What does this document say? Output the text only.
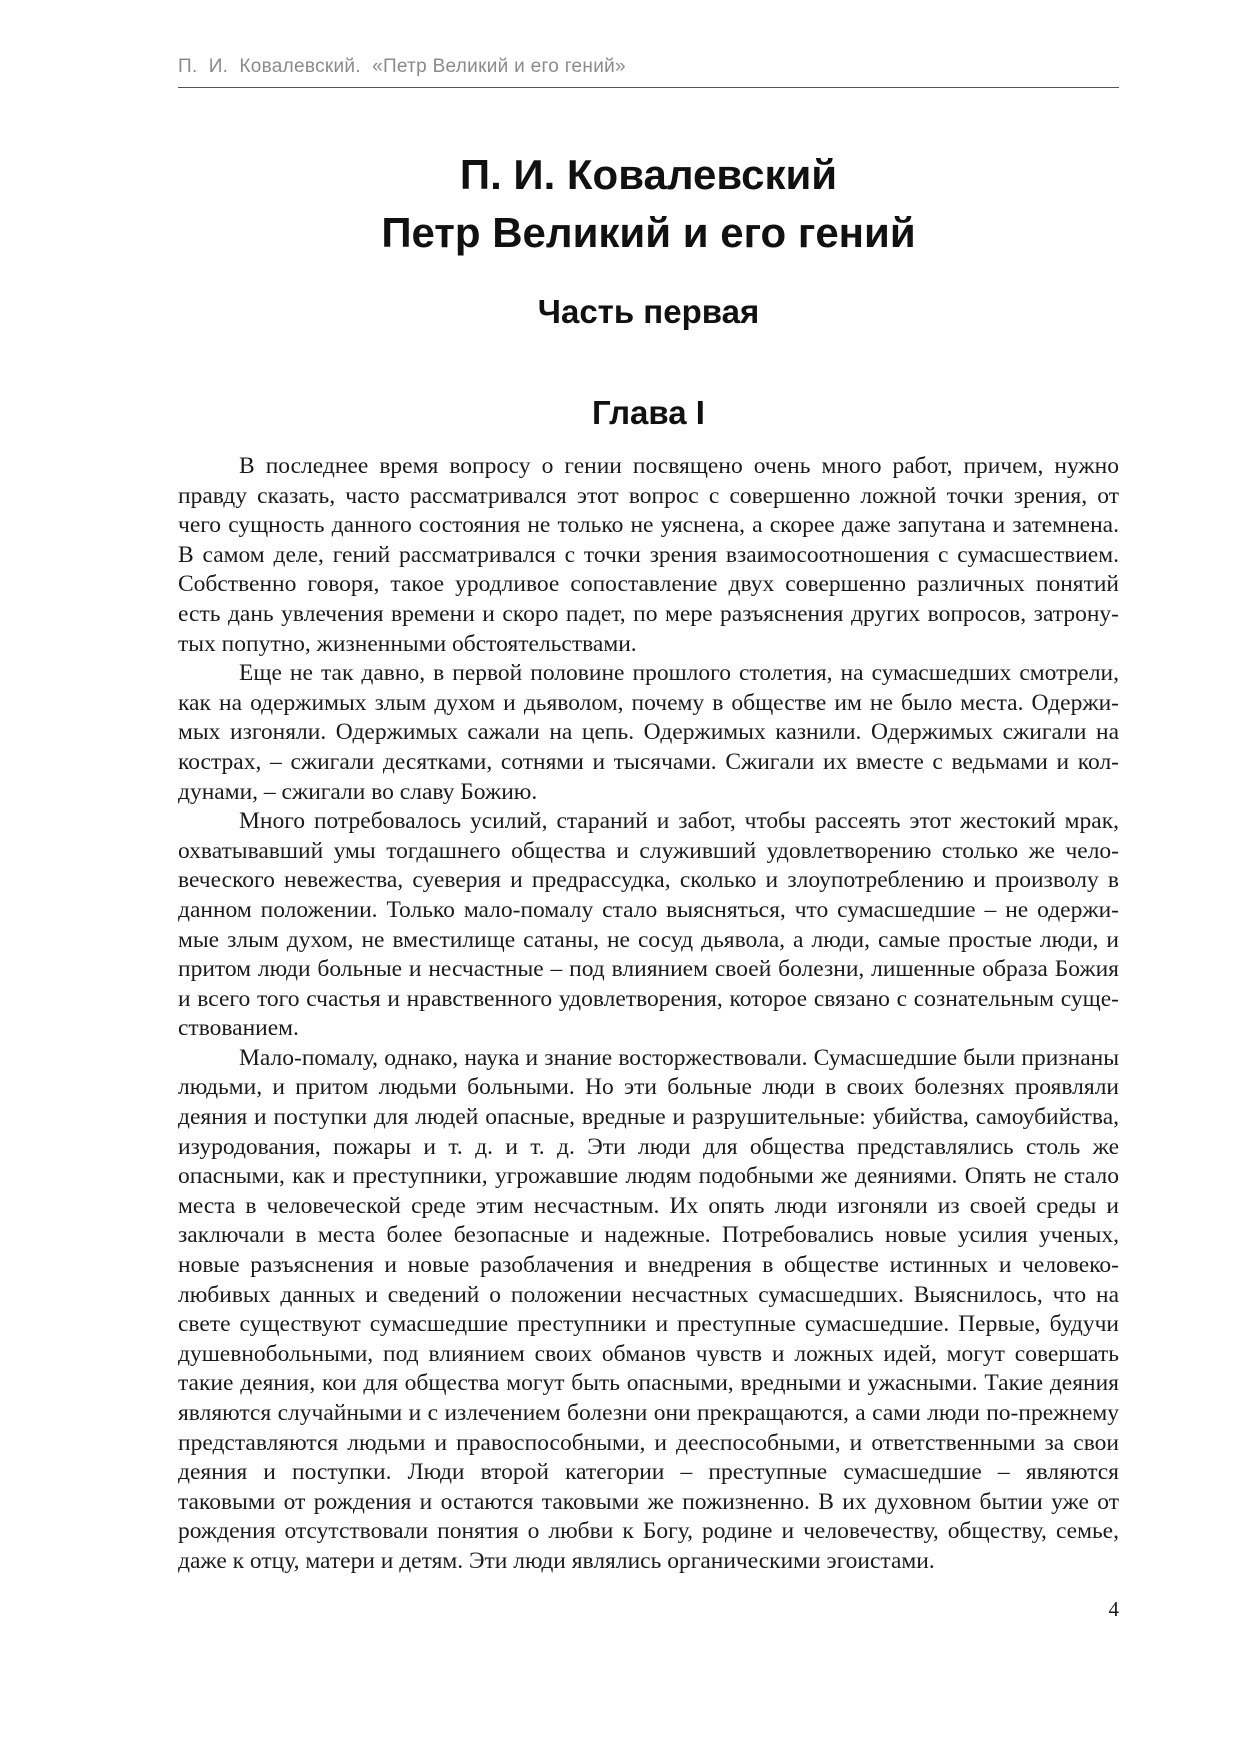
П.  И.  Ковалевский.  «Петр Великий и его гений»
П. И. Ковалевский
Петр Великий и его гений
Часть первая
Глава I

В последнее время вопросу о гении посвящено очень много работ, причем, нужно правду сказать, часто рассматривался этот вопрос с совершенно ложной точки зрения, от чего сущность данного состояния не только не уяснена, а скорее даже запутана и затемнена. В самом деле, гений рассматривался с точки зрения взаимосоотношения с сумасшествием. Собственно говоря, такое уродливое сопоставление двух совершенно различных понятий есть дань увлечения времени и скоро падет, по мере разъяснения других вопросов, затронутых попутно, жизненными обстоятельствами.

Еще не так давно, в первой половине прошлого столетия, на сумасшедших смотрели, как на одержимых злым духом и дьяволом, почему в обществе им не было места. Одержимых изгоняли. Одержимых сажали на цепь. Одержимых казнили. Одержимых сжигали на кострах, – сжигали десятками, сотнями и тысячами. Сжигали их вместе с ведьмами и колдунами, – сжигали во славу Божию.

Много потребовалось усилий, стараний и забот, чтобы рассеять этот жестокий мрак, охватывавший умы тогдашнего общества и служивший удовлетворению столько же человеческого невежества, суеверия и предрассудка, сколько и злоупотреблению и произволу в данном положении. Только мало-помалу стало выясняться, что сумасшедшие – не одержимые злым духом, не вместилище сатаны, не сосуд дьявола, а люди, самые простые люди, и притом люди больные и несчастные – под влиянием своей болезни, лишенные образа Божия и всего того счастья и нравственного удовлетворения, которое связано с сознательным существованием.

Мало-помалу, однако, наука и знание восторжествовали. Сумасшедшие были признаны людьми, и притом людьми больными. Но эти больные люди в своих болезнях проявляли деяния и поступки для людей опасные, вредные и разрушительные: убийства, самоубийства, изуродования, пожары и т. д. и т. д. Эти люди для общества представлялись столь же опасными, как и преступники, угрожавшие людям подобными же деяниями. Опять не стало места в человеческой среде этим несчастным. Их опять люди изгоняли из своей среды и заключали в места более безопасные и надежные. Потребовались новые усилия ученых, новые разъяснения и новые разоблачения и внедрения в обществе истинных и человеколюбивых данных и сведений о положении несчастных сумасшедших. Выяснилось, что на свете существуют сумасшедшие преступники и преступные сумасшедшие. Первые, будучи душевнобольными, под влиянием своих обманов чувств и ложных идей, могут совершать такие деяния, кои для общества могут быть опасными, вредными и ужасными. Такие деяния являются случайными и с излечением болезни они прекращаются, а сами люди по-прежнему представляются людьми и правоспособными, и дееспособными, и ответственными за свои деяния и поступки. Люди второй категории – преступные сумасшедшие – являются таковыми от рождения и остаются таковыми же пожизненно. В их духовном бытии уже от рождения отсутствовали понятия о любви к Богу, родине и человечеству, обществу, семье, даже к отцу, матери и детям. Эти люди являлись органическими эгоистами.

4
